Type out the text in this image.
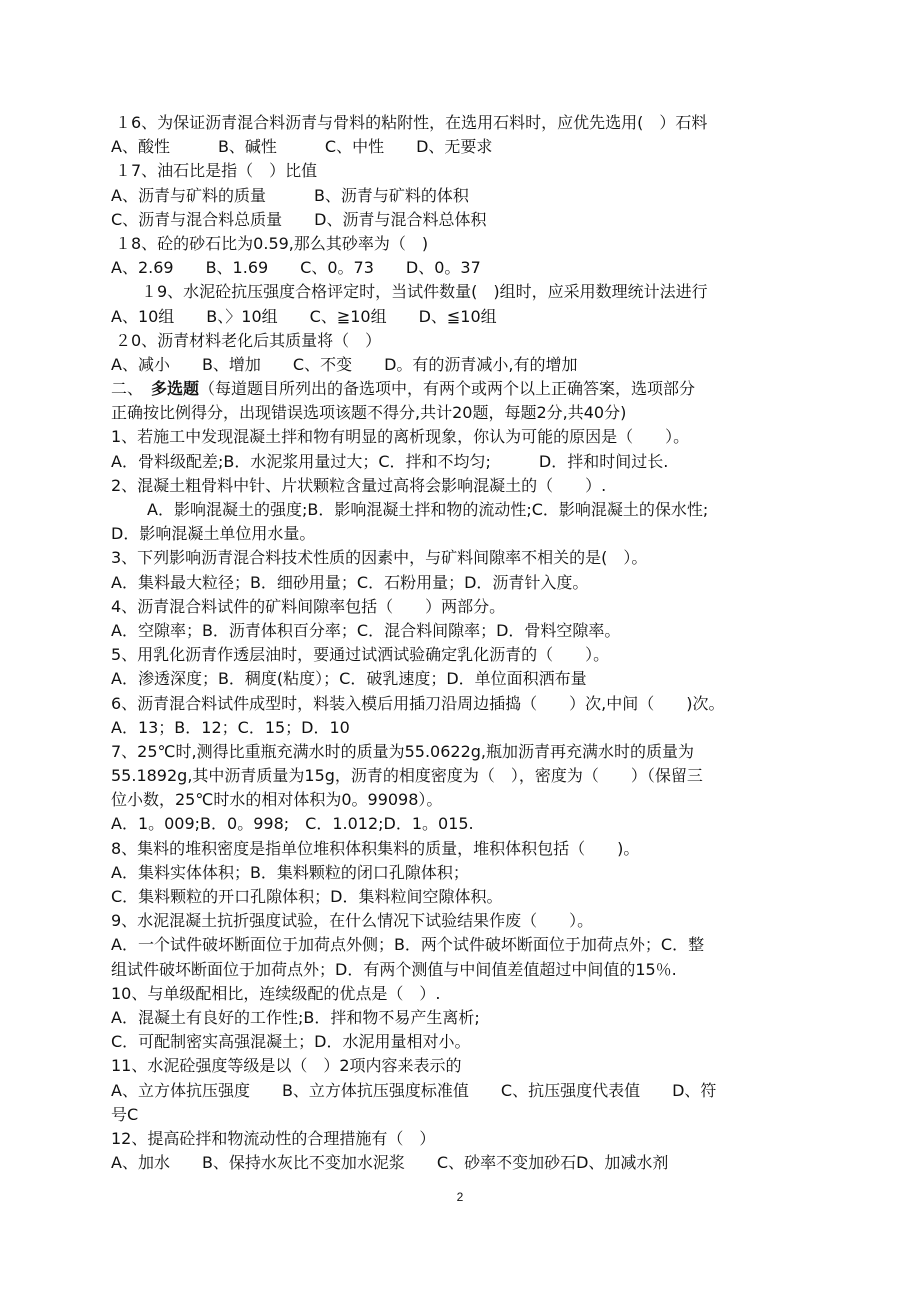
１6、为保证沥青混合料沥青与骨料的粘附性，在选用石料时，应优先选用(　）石料
A、酸性　　　B、碱性　　　C、中性　　D、无要求
１7、油石比是指（　）比值
A、沥青与矿料的质量　　　B、沥青与矿料的体积
C、沥青与混合料总质量　　D、沥青与混合料总体积
１8、砼的砂石比为0.59,那么其砂率为（　)
A、2.69　　B、1.69　　C、0。73　　D、0。37
１9、水泥砼抗压强度合格评定时，当试件数量(　)组时，应采用数理统计法进行
A、10组　　B、〉10组　　C、≧10组　　D、≦10组
２0、沥青材料老化后其质量将（　）
A、减小　　B、增加　　C、不变　　D。有的沥青减小,有的增加
二、　多选题（每道题目所列出的备选项中，有两个或两个以上正确答案，选项部分
正确按比例得分，出现错误选项该题不得分,共计20题，每题2分,共40分)
1、若施工中发现混凝土拌和物有明显的离析现象，你认为可能的原因是（　　）。
A．骨料级配差;B．水泥浆用量过大；C．拌和不均匀;　　　D．拌和时间过长.
2、混凝土粗骨料中针、片状颗粒含量过高将会影响混凝土的（　　）.
A．影响混凝土的强度;B．影响混凝土拌和物的流动性;C．影响混凝土的保水性;
D．影响混凝土单位用水量。
3、下列影响沥青混合料技术性质的因素中，与矿料间隙率不相关的是(　）。
A．集料最大粒径；B．细砂用量；C．石粉用量；D．沥青针入度。
4、沥青混合料试件的矿料间隙率包括（　　）两部分。
A．空隙率；B．沥青体积百分率；C．混合料间隙率；D．骨料空隙率。
5、用乳化沥青作透层油时，要通过试洒试验确定乳化沥青的（　　）。
A．渗透深度；B．稠度(粘度）；C．破乳速度；D．单位面积洒布量
6、沥青混合料试件成型时，料装入模后用插刀沿周边插捣（　　）次,中间（　　)次。
A．13；B．12；C．15；D．10
7、25℃时,测得比重瓶充满水时的质量为55.0622g,瓶加沥青再充满水时的质量为
55.1892g,其中沥青质量为15g，沥青的相度密度为（　），密度为（　　）（保留三
位小数，25℃时水的相对体积为0。99098）。
A．1。009;B．0。998;　C．1.012;D．1。015.
8、集料的堆积密度是指单位堆积体积集料的质量，堆积体积包括（　　)。
A．集料实体体积；B．集料颗粒的闭口孔隙体积；
C．集料颗粒的开口孔隙体积；D．集料粒间空隙体积。
9、水泥混凝土抗折强度试验，在什么情况下试验结果作废（　　）。
A．一个试件破坏断面位于加荷点外侧；B．两个试件破坏断面位于加荷点外；C．整
组试件破坏断面位于加荷点外；D．有两个测值与中间值差值超过中间值的15％.
10、与单级配相比，连续级配的优点是（　）.
A．混凝土有良好的工作性;B．拌和物不易产生离析;
C．可配制密实高强混凝土；D．水泥用量相对小。
11、水泥砼强度等级是以（　）2项内容来表示的
A、立方体抗压强度　　B、立方体抗压强度标准值　　C、抗压强度代表值　　D、符
号C
12、提高砼拌和物流动性的合理措施有（　）
A、加水　　B、保持水灰比不变加水泥浆　　C、砂率不变加砂石D、加减水剂
2
